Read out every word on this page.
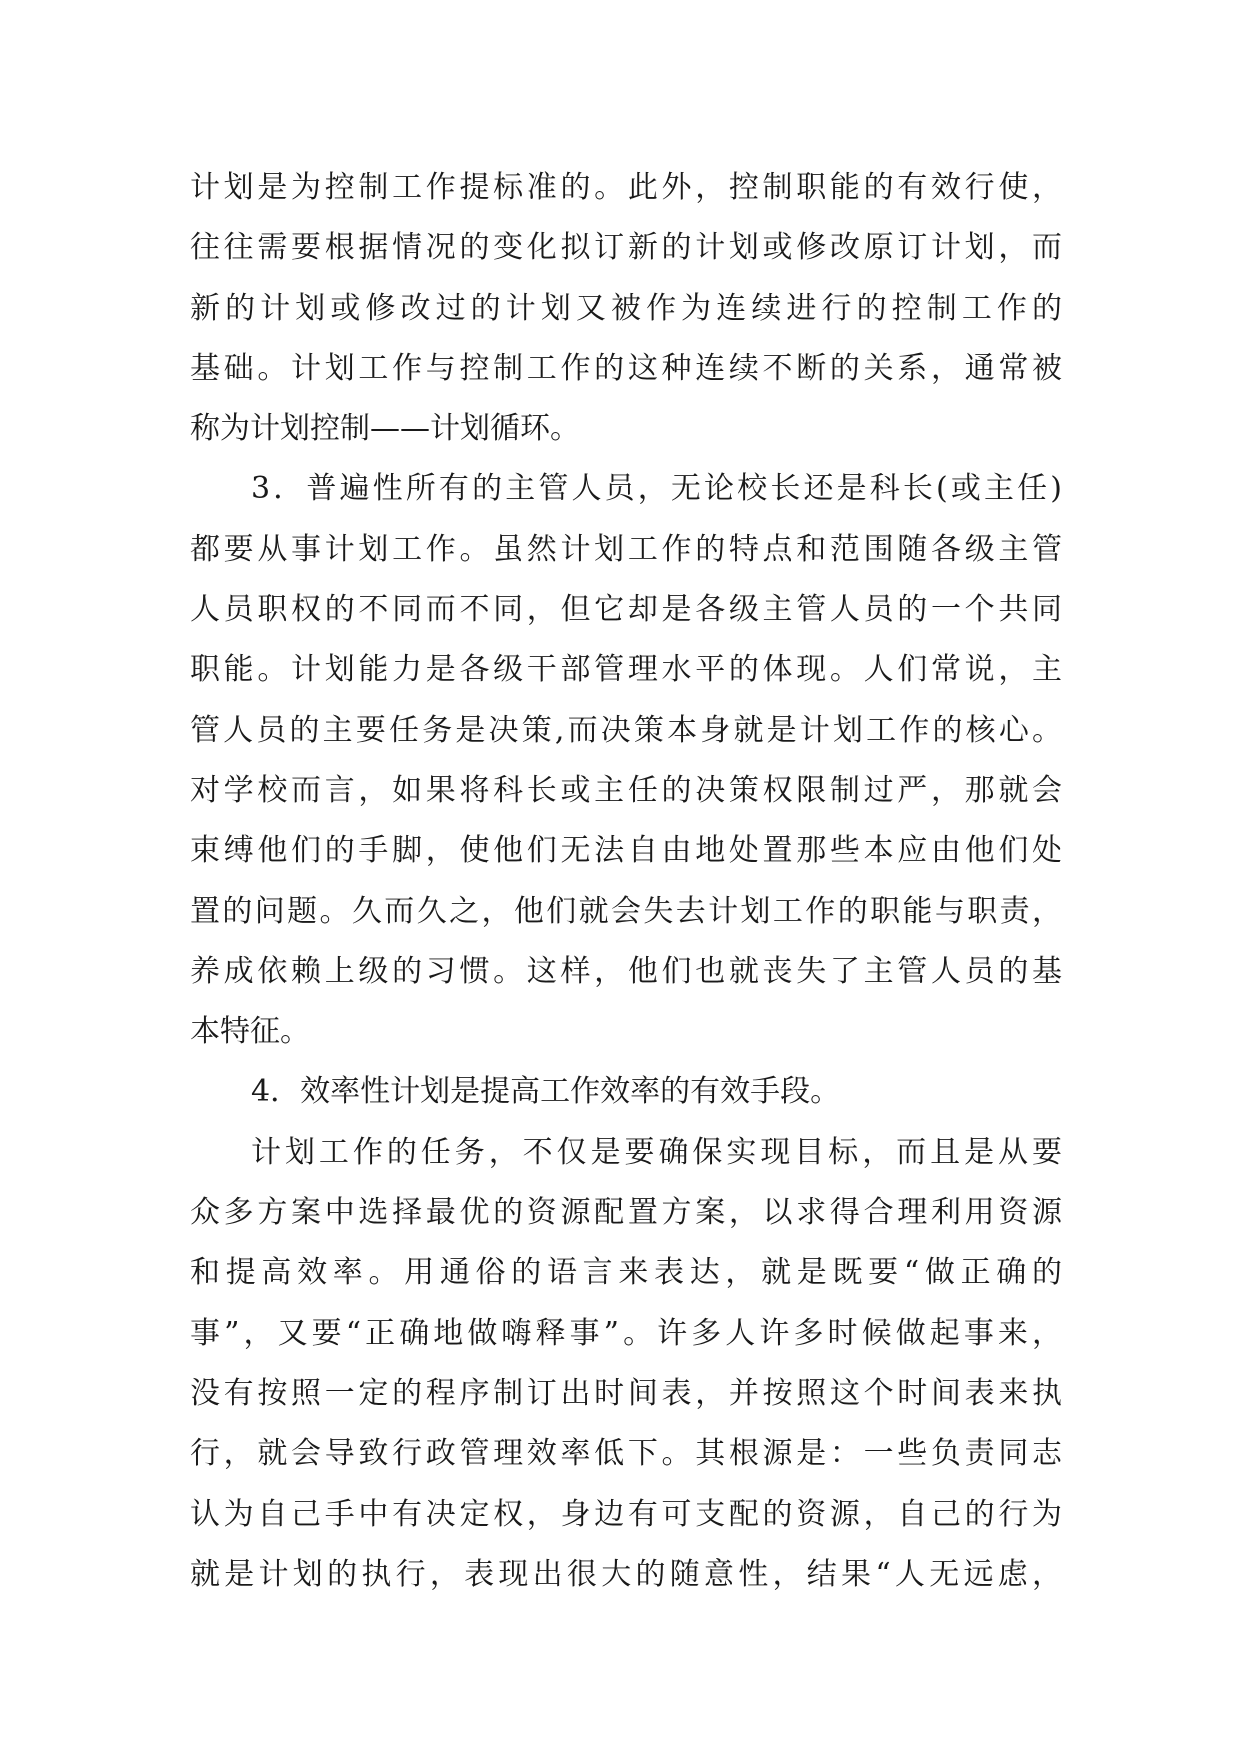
计划是为控制工作提标准的。此外，控制职能的有效行使，
往往需要根据情况的变化拟订新的计划或修改原订计划，而
新的计划或修改过的计划又被作为连续进行的控制工作的
基础。计划工作与控制工作的这种连续不断的关系，通常被
称为计划控制——计划循环。
3．普遍性所有的主管人员，无论校长还是科长(或主任)
都要从事计划工作。虽然计划工作的特点和范围随各级主管
人员职权的不同而不同，但它却是各级主管人员的一个共同
职能。计划能力是各级干部管理水平的体现。人们常说，主
管人员的主要任务是决策,而决策本身就是计划工作的核心。
对学校而言，如果将科长或主任的决策权限制过严，那就会
束缚他们的手脚，使他们无法自由地处置那些本应由他们处
置的问题。久而久之，他们就会失去计划工作的职能与职责，
养成依赖上级的习惯。这样，他们也就丧失了主管人员的基
本特征。
4．效率性计划是提高工作效率的有效手段。
计划工作的任务，不仅是要确保实现目标，而且是从要
众多方案中选择最优的资源配置方案，以求得合理利用资源
和提高效率。用通俗的语言来表达，就是既要“做正确的
事”，又要“正确地做嗨释事”。许多人许多时候做起事来，
没有按照一定的程序制订出时间表，并按照这个时间表来执
行，就会导致行政管理效率低下。其根源是：一些负责同志
认为自己手中有决定权，身边有可支配的资源，自己的行为
就是计划的执行，表现出很大的随意性，结果“人无远虑，
